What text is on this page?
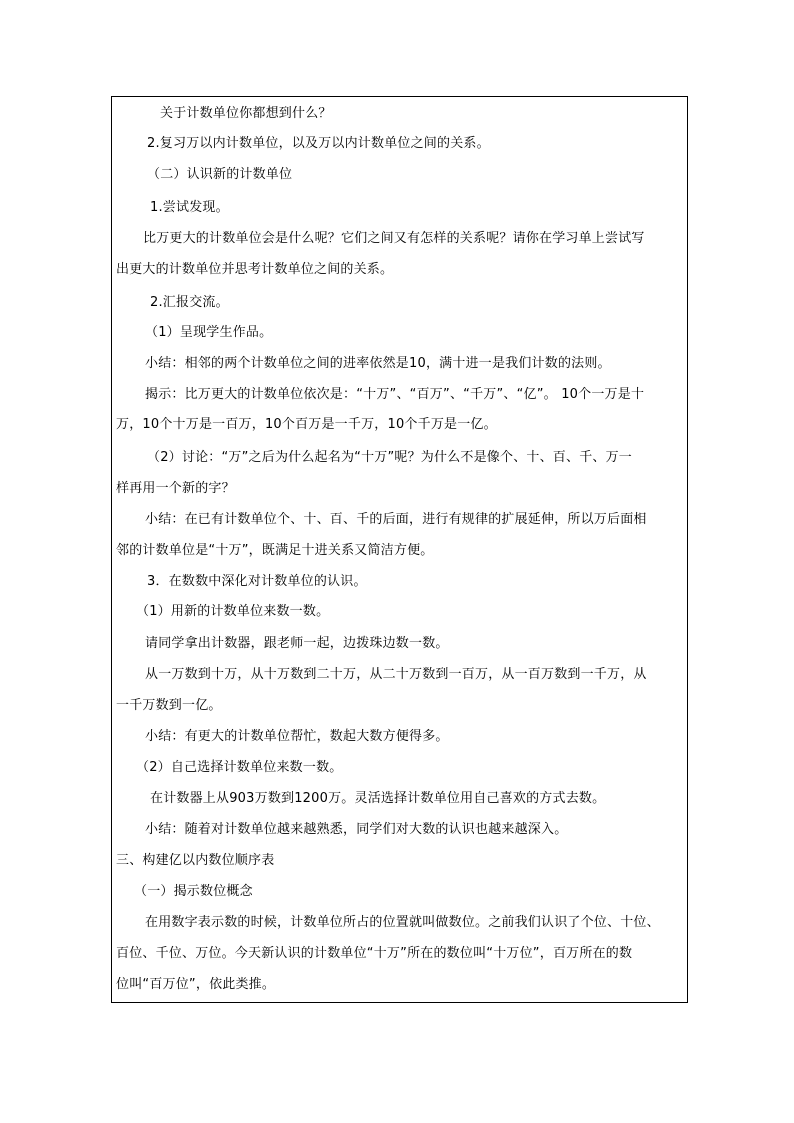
关于计数单位你都想到什么？
2.复习万以内计数单位，以及万以内计数单位之间的关系。
（二）认识新的计数单位
1.尝试发现。
比万更大的计数单位会是什么呢？它们之间又有怎样的关系呢？请你在学习单上尝试写
出更大的计数单位并思考计数单位之间的关系。
2.汇报交流。
（1）呈现学生作品。
小结：相邻的两个计数单位之间的进率依然是10，满十进一是我们计数的法则。
揭示：比万更大的计数单位依次是：“十万”、“百万”、“千万”、“亿”。 10个一万是十
万，10个十万是一百万，10个百万是一千万，10个千万是一亿。
（2）讨论：“万”之后为什么起名为“十万”呢？为什么不是像个、十、百、千、万一
样再用一个新的字？
小结：在已有计数单位个、十、百、千的后面，进行有规律的扩展延伸，所以万后面相
邻的计数单位是“十万”，既满足十进关系又简洁方便。
3．在数数中深化对计数单位的认识。
（1）用新的计数单位来数一数。
请同学拿出计数器，跟老师一起，边拨珠边数一数。
从一万数到十万，从十万数到二十万，从二十万数到一百万，从一百万数到一千万，从
一千万数到一亿。
小结：有更大的计数单位帮忙，数起大数方便得多。
（2）自己选择计数单位来数一数。
在计数器上从903万数到1200万。灵活选择计数单位用自己喜欢的方式去数。
小结：随着对计数单位越来越熟悉，同学们对大数的认识也越来越深入。
三、构建亿以内数位顺序表
（一）揭示数位概念
在用数字表示数的时候，计数单位所占的位置就叫做数位。之前我们认识了个位、十位、
百位、千位、万位。今天新认识的计数单位“十万”所在的数位叫“十万位”，百万所在的数
位叫“百万位”，依此类推。
